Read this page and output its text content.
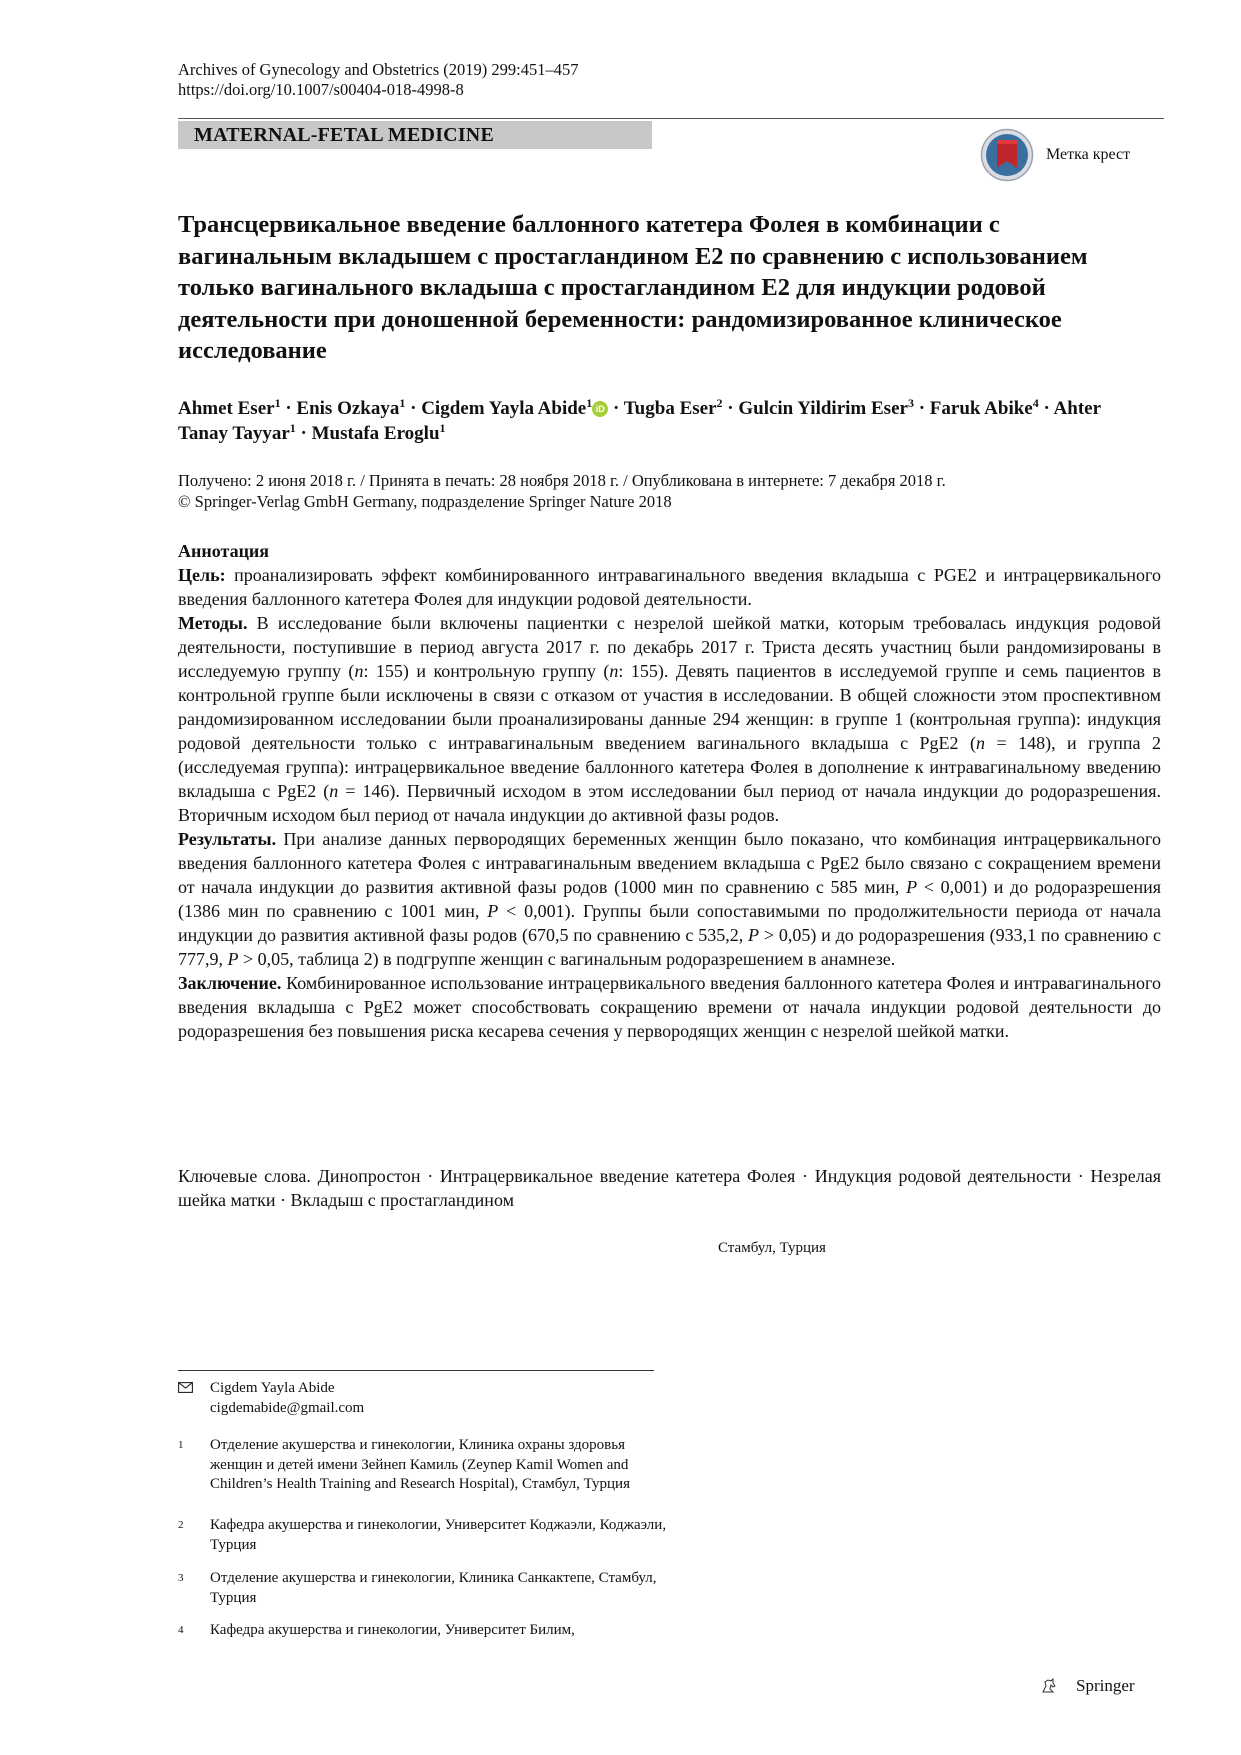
Archives of Gynecology and Obstetrics (2019) 299:451–457
https://doi.org/10.1007/s00404-018-4998-8
MATERNAL-FETAL MEDICINE
Метка крест
Трансцервикальное введение баллонного катетера Фолея в комбинации с вагинальным вкладышем с простагландином Е2 по сравнению с использованием только вагинального вкладыша с простагландином Е2 для индукции родовой деятельности при доношенной беременности: рандомизированное клиническое исследование
Ahmet Eser$^1$ · Enis Ozkaya$^1$ · Cigdem Yayla Abide$^1$ iD · Tugba Eser$^2$ · Gulcin Yildirim Eser$^3$ · Faruk Abike$^4$ · Ahter Tanay Tayyar$^1$ · Mustafa Eroglu$^1$
Получено: 2 июня 2018 г. / Принята в печать: 28 ноября 2018 г. / Опубликована в интернете: 7 декабря 2018 г.
© Springer-Verlag GmbH Germany, подразделение Springer Nature 2018

Аннотация

Цель: проанализировать эффект комбинированного интравагинального введения вкладыша с PGE2 и интрацервикального введения баллонного катетера Фолея для индукции родовой деятельности.

Методы. В исследование были включены пациентки с незрелой шейкой матки, которым требовалась индукция родовой деятельности, поступившие в период августа 2017 г. по декабрь 2017 г. Триста десять участниц были рандомизированы в исследуемую группу (n: 155) и контрольную группу (n: 155). Девять пациентов в исследуемой группе и семь пациентов в контрольной группе были исключены в связи с отказом от участия в исследовании. В общей сложности этом проспективном рандомизированном исследовании были проанализированы данные 294 женщин: в группе 1 (контрольная группа): индукция родовой деятельности только с интравагинальным введением вагинального вкладыша с PgE2 (n = 148), и группа 2 (исследуемая группа): интрацервикальное введение баллонного катетера Фолея в дополнение к интравагинальному введению вкладыша с PgE2 (n = 146). Первичный исходом в этом исследовании был период от начала индукции до родоразрешения. Вторичным исходом был период от начала индукции до активной фазы родов.

Результаты. При анализе данных первородящих беременных женщин было показано, что комбинация интрацервикального введения баллонного катетера Фолея с интравагинальным введением вкладыша с PgE2 было связано с сокращением времени от начала индукции до развития активной фазы родов (1000 мин по сравнению с 585 мин, P < 0,001) и до родоразрешения (1386 мин по сравнению с 1001 мин, P < 0,001). Группы были сопоставимыми по продолжительности периода от начала индукции до развития активной фазы родов (670,5 по сравнению с 535,2, P > 0,05) и до родоразрешения (933,1 по сравнению с 777,9, P > 0,05, таблица 2) в подгруппе женщин с вагинальным родоразрешением в анамнезе.

Заключение. Комбинированное использование интрацервикального введения баллонного катетера Фолея и интравагинального введения вкладыша с PgE2 может способствовать сокращению времени от начала индукции родовой деятельности до родоразрешения без повышения риска кесарева сечения у первородящих женщин с незрелой шейкой матки.

Ключевые слова. Динопростон · Интрацервикальное введение катетера Фолея · Индукция родовой деятельности · Незрелая шейка матки · Вкладыш с простагландином

Стамбул, Турция
Cigdem Yayla Abide
cigdemabide@gmail.com
1 Отделение акушерства и гинекологии, Клиника охраны здоровья женщин и детей имени Зейнеп Камиль (Zeynep Kamil Women and Children’s Health Training and Research Hospital), Стамбул, Турция
2 Кафедра акушерства и гинекологии, Университет Коджаэли, Коджаэли, Турция
3 Отделение акушерства и гинекологии, Клиника Санкактепе, Стамбул, Турция
4 Кафедра акушерства и гинекологии, Университет Билим,
Springer
